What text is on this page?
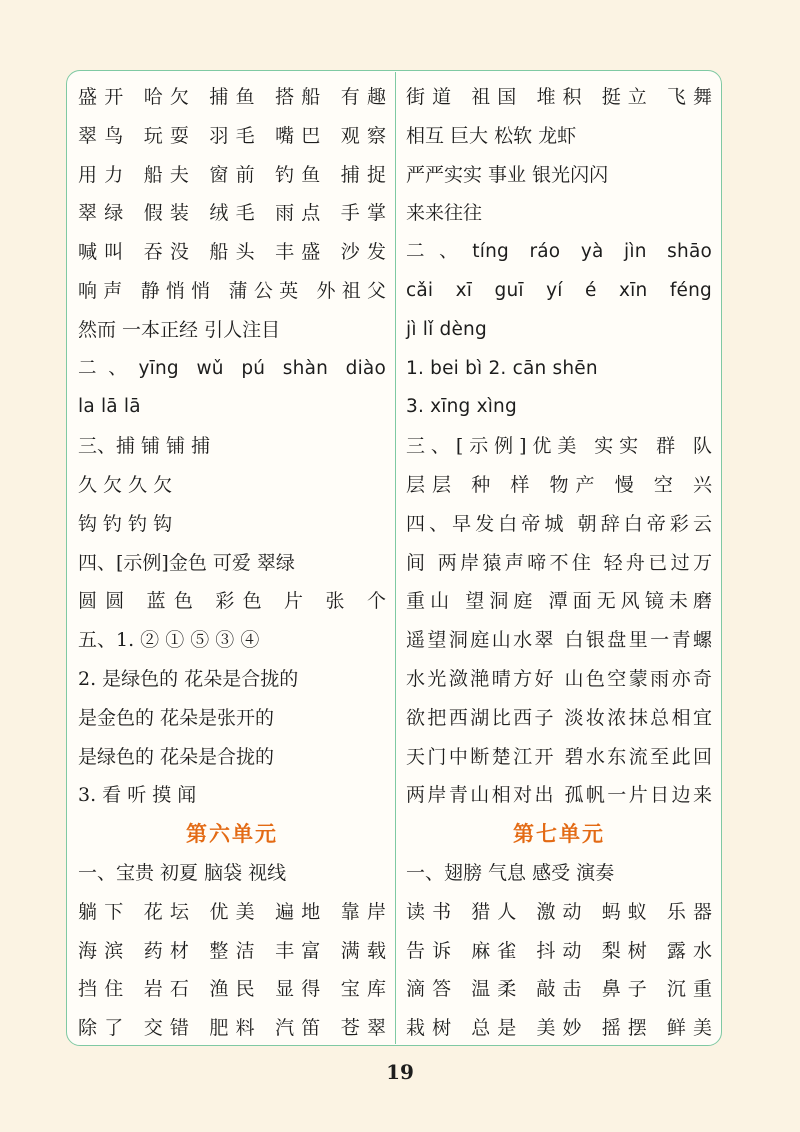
盛开 哈欠 捕鱼 搭船 有趣
翠鸟 玩耍 羽毛 嘴巴 观察
用力 船夫 窗前 钓鱼 捕捉
翠绿 假装 绒毛 雨点 手掌
喊叫 吞没 船头 丰盛 沙发
响声 静悄悄 蒲公英 外祖父
然而 一本正经 引人注目
二、yīng wǔ pú shàn diào
la lā lā
三、捕 铺 铺 捕
久 欠 久 欠
钩 钓 钓 钩
四、[示例]金色 可爱 翠绿
圆圆 蓝色 彩色 片 张 个
五、1. ② ① ⑤ ③ ④
2. 是绿色的 花朵是合拢的
是金色的 花朵是张开的
是绿色的 花朵是合拢的
3. 看 听 摸 闻
第六单元
一、宝贵 初夏 脑袋 视线
躺下 花坛 优美 遍地 靠岸
海滨 药材 整洁 丰富 满载
挡住 岩石 渔民 显得 宝库
除了 交错 肥料 汽笛 苍翠
街道 祖国 堆积 挺立 飞舞
相互 巨大 松软 龙虾
严严实实 事业 银光闪闪
来来往往
二、tíng ráo yà jìn shāo
cǎi xī guī yí é xīn féng
jì lǐ dèng
1. bei bì 2. cān shēn
3. xīng xìng
三、[示例]优美 实实 群 队
层层 种 样 物产 慢 空 兴
四、早发白帝城 朝辞白帝彩云
间 两岸猿声啼不住 轻舟已过万
重山 望洞庭 潭面无风镜未磨
遥望洞庭山水翠 白银盘里一青螺
水光潋滟晴方好 山色空蒙雨亦奇
欲把西湖比西子 淡妆浓抹总相宜
天门中断楚江开 碧水东流至此回
两岸青山相对出 孤帆一片日边来
第七单元
一、翅膀 气息 感受 演奏
读书 猎人 激动 蚂蚁 乐器
告诉 麻雀 抖动 梨树 露水
滴答 温柔 敲击 鼻子 沉重
栽树 总是 美妙 摇摆 鲜美
19
